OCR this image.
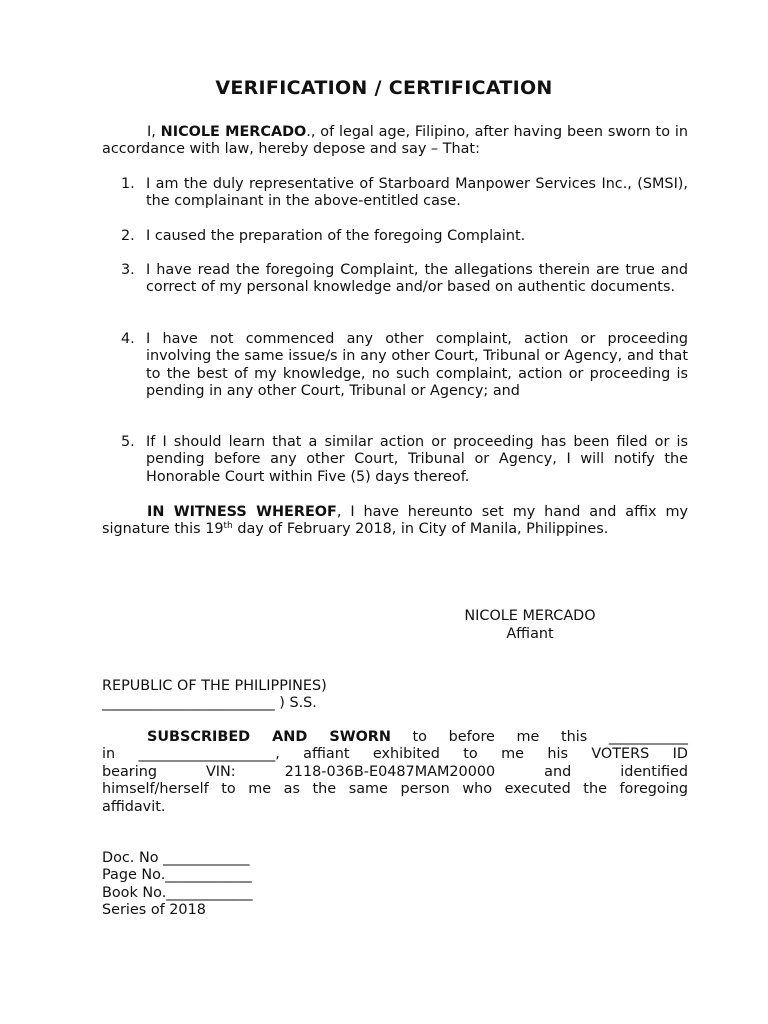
VERIFICATION / CERTIFICATION
I, NICOLE MERCADO., of legal age, Filipino, after having been sworn to in accordance with law, hereby depose and say – That:
1. I am the duly representative of Starboard Manpower Services Inc., (SMSI), the complainant in the above-entitled case.
2. I caused the preparation of the foregoing Complaint.
3. I have read the foregoing Complaint, the allegations therein are true and correct of my personal knowledge and/or based on authentic documents.
4. I have not commenced any other complaint, action or proceeding involving the same issue/s in any other Court, Tribunal or Agency, and that to the best of my knowledge, no such complaint, action or proceeding is pending in any other Court, Tribunal or Agency; and
5. If I should learn that a similar action or proceeding has been filed or is pending before any other Court, Tribunal or Agency, I will notify the Honorable Court within Five (5) days thereof.
IN WITNESS WHEREOF, I have hereunto set my hand and affix my signature this 19th day of February 2018, in City of Manila, Philippines.
NICOLE MERCADO
Affiant
REPUBLIC OF THE PHILIPPINES)
________________________ ) S.S.
SUBSCRIBED AND SWORN to before me this ___________
in ___________________, affiant exhibited to me his VOTERS ID
bearing VIN: 2118-036B-E0487MAM20000 and identified
himself/herself to me as the same person who executed the foregoing
affidavit.
Doc. No ____________
Page No.____________
Book No.____________
Series of 2018
